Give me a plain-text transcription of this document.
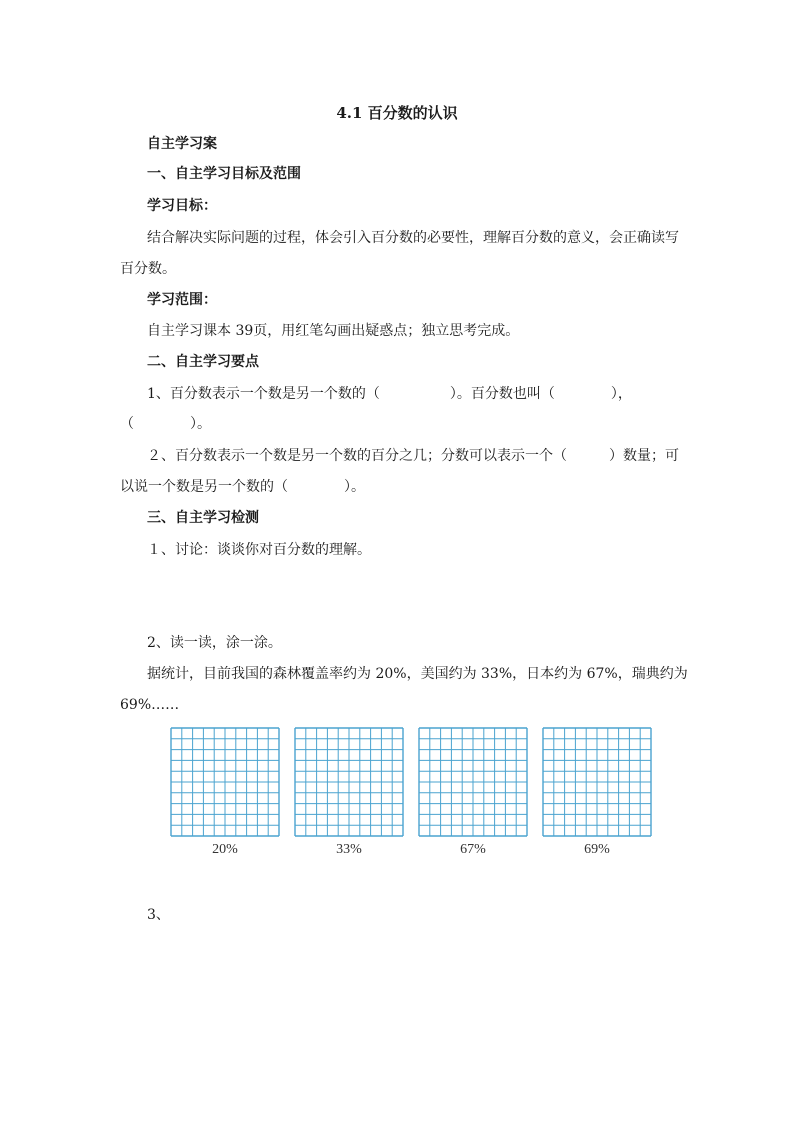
4.1 百分数的认识
自主学习案
一、自主学习目标及范围
学习目标：
结合解决实际问题的过程，体会引入百分数的必要性，理解百分数的意义，会正确读写
百分数。
学习范围：
自主学习课本 39页，用红笔勾画出疑惑点；独立思考完成。
二、自主学习要点
1、百分数表示一个数是另一个数的（　　　　　）。百分数也叫（　　　　），
（　　　　）。
２、百分数表示一个数是另一个数的百分之几；分数可以表示一个（　　　）数量；可
以说一个数是另一个数的（　　　　）。
三、自主学习检测
１、讨论：谈谈你对百分数的理解。
2、读一读，涂一涂。
据统计，目前我国的森林覆盖率约为 20%，美国约为 33%，日本约为 67%，瑞典约为
69%……
20%	33%	67%	69%
3、
